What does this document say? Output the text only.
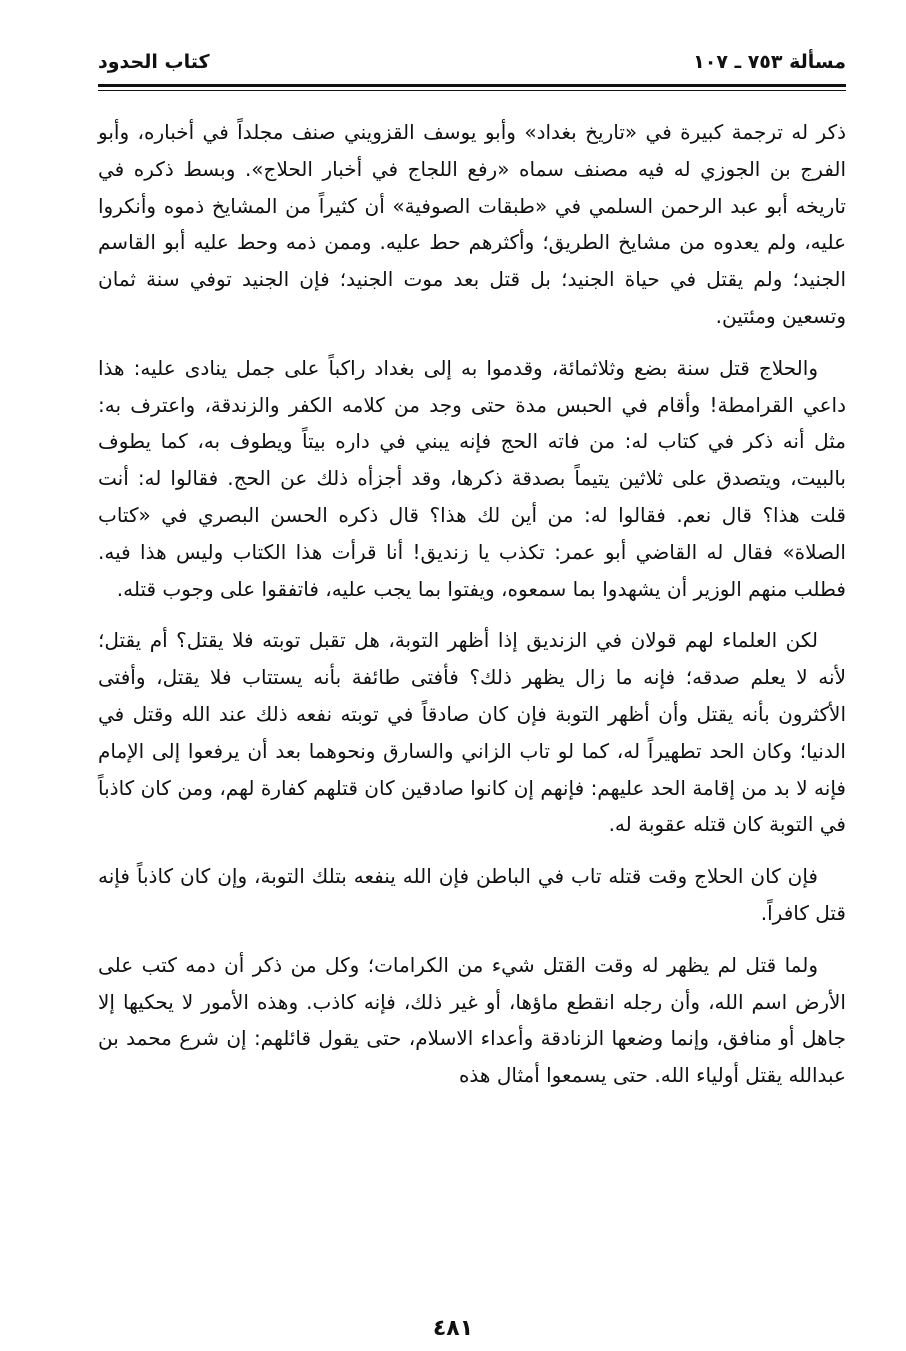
مسألة ٧٥٣ ـ ١٠٧
كتاب الحدود

ذكر له ترجمة كبيرة في «تاريخ بغداد» وأبو يوسف القزويني صنف مجلداً في أخباره، وأبو الفرج بن الجوزي له فيه مصنف سماه «رفع اللجاج في أخبار الحلاج». وبسط ذكره في تاريخه أبو عبد الرحمن السلمي في «طبقات الصوفية» أن كثيراً من المشايخ ذموه وأنكروا عليه، ولم يعدوه من مشايخ الطريق؛ وأكثرهم حط عليه. وممن ذمه وحط عليه أبو القاسم الجنيد؛ ولم يقتل في حياة الجنيد؛ بل قتل بعد موت الجنيد؛ فإن الجنيد توفي سنة ثمان وتسعين ومئتين.

والحلاج قتل سنة بضع وثلاثمائة، وقدموا به إلى بغداد راكباً على جمل ينادى عليه: هذا داعي القرامطة! وأقام في الحبس مدة حتى وجد من كلامه الكفر والزندقة، واعترف به: مثل أنه ذكر في كتاب له: من فاته الحج فإنه يبني في داره بيتاً ويطوف به، كما يطوف بالبيت، ويتصدق على ثلاثين يتيماً بصدقة ذكرها، وقد أجزأه ذلك عن الحج. فقالوا له: أنت قلت هذا؟ قال نعم. فقالوا له: من أين لك هذا؟ قال ذكره الحسن البصري في «كتاب الصلاة» فقال له القاضي أبو عمر: تكذب يا زنديق! أنا قرأت هذا الكتاب وليس هذا فيه. فطلب منهم الوزير أن يشهدوا بما سمعوه، ويفتوا بما يجب عليه، فاتفقوا على وجوب قتله.

لكن العلماء لهم قولان في الزنديق إذا أظهر التوبة، هل تقبل توبته فلا يقتل؟ أم يقتل؛ لأنه لا يعلم صدقه؛ فإنه ما زال يظهر ذلك؟ فأفتى طائفة بأنه يستتاب فلا يقتل، وأفتى الأكثرون بأنه يقتل وأن أظهر التوبة فإن كان صادقاً في توبته نفعه ذلك عند الله وقتل في الدنيا؛ وكان الحد تطهيراً له، كما لو تاب الزاني والسارق ونحوهما بعد أن يرفعوا إلى الإمام فإنه لا بد من إقامة الحد عليهم: فإنهم إن كانوا صادقين كان قتلهم كفارة لهم، ومن كان كاذباً في التوبة كان قتله عقوبة له.

فإن كان الحلاج وقت قتله تاب في الباطن فإن الله ينفعه بتلك التوبة، وإن كان كاذباً فإنه قتل كافراً.

ولما قتل لم يظهر له وقت القتل شيء من الكرامات؛ وكل من ذكر أن دمه كتب على الأرض اسم الله، وأن رجله انقطع ماؤها، أو غير ذلك، فإنه كاذب. وهذه الأمور لا يحكيها إلا جاهل أو منافق، وإنما وضعها الزنادقة وأعداء الاسلام، حتى يقول قائلهم: إن شرع محمد بن عبدالله يقتل أولياء الله. حتى يسمعوا أمثال هذه

٤٨١
